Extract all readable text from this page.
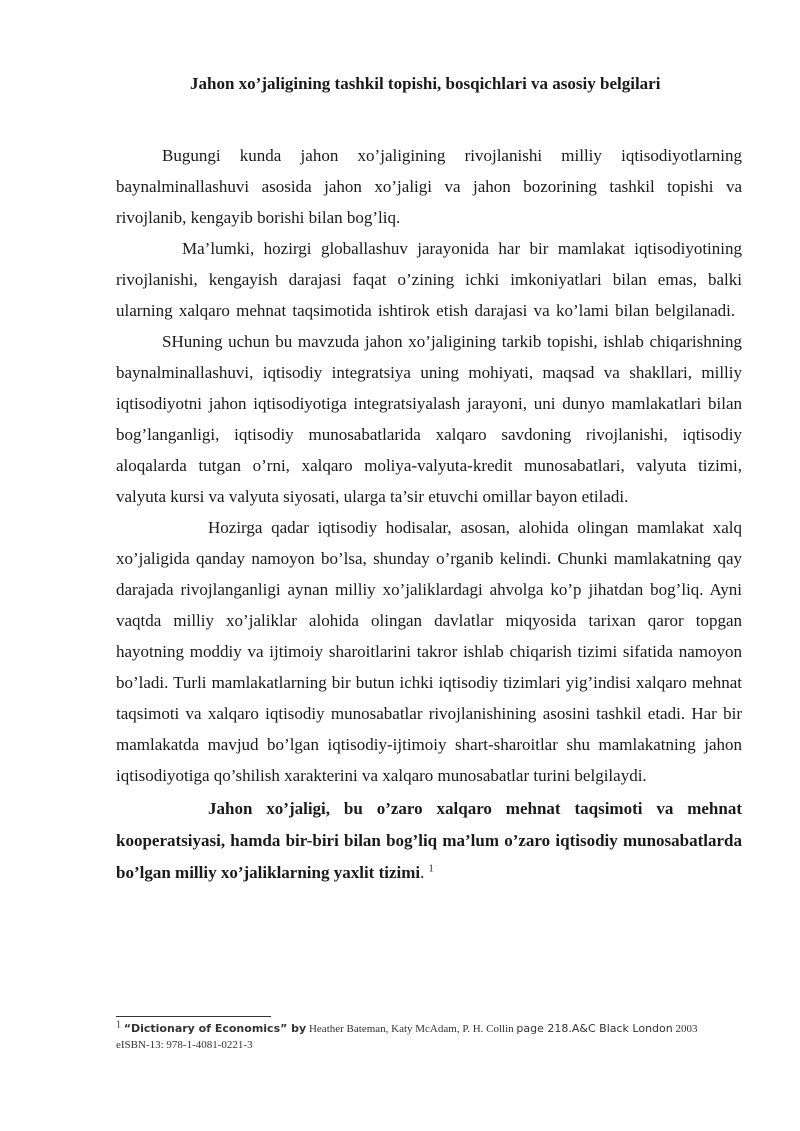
Jahon xo’jaligining tashkil topishi, bosqichlari va asosiy belgilari

Bugungi kunda jahon xo’jaligining rivojlanishi milliy iqtisodiyotlarning baynalminallashuvi asosida jahon xo’jaligi va jahon bozorining tashkil topishi va rivojlanib, kengayib borishi bilan bog’liq.

Ma’lumki, hozirgi globallashuv jarayonida har bir mamlakat iqtisodiyotining rivojlanishi, kengayish darajasi faqat o’zining ichki imkoniyatlari bilan emas, balki ularning xalqaro mehnat taqsimotida ishtirok etish darajasi va ko’lami bilan belgilanadi.

SHuning uchun bu mavzuda jahon xo’jaligining tarkib topishi, ishlab chiqarishning baynalminallashuvi, iqtisodiy integratsiya uning mohiyati, maqsad va shakllari, milliy iqtisodiyotni jahon iqtisodiyotiga integratsiyalash jarayoni, uni dunyo mamlakatlari bilan bog’langanligi, iqtisodiy munosabatlarida xalqaro savdoning rivojlanishi, iqtisodiy aloqalarda tutgan o’rni, xalqaro moliya-valyuta-kredit munosabatlari, valyuta tizimi, valyuta kursi va valyuta siyosati, ularga ta’sir etuvchi omillar bayon etiladi.

Hozirga qadar iqtisodiy hodisalar, asosan, alohida olingan mamlakat xalq xo’jaligida qanday namoyon bo’lsa, shunday o’rganib kelindi. Chunki mamlakatning qay darajada rivojlanganligi aynan milliy xo’jaliklardagi ahvolga ko’p jihatdan bog’liq. Ayni vaqtda milliy xo’jaliklar alohida olingan davlatlar miqyosida tarixan qaror topgan hayotning moddiy va ijtimoiy sharoitlarini takror ishlab chiqarish tizimi sifatida namoyon bo’ladi. Turli mamlakatlarning bir butun ichki iqtisodiy tizimlari yig’indisi xalqaro mehnat taqsimoti va xalqaro iqtisodiy munosabatlar rivojlanishining asosini tashkil etadi. Har bir mamlakatda mavjud bo’lgan iqtisodiy-ijtimoiy shart-sharoitlar shu mamlakatning jahon iqtisodiyotiga qo’shilish xarakterini va xalqaro munosabatlar turini belgilaydi.

Jahon xo’jaligi, bu o’zaro xalqaro mehnat taqsimoti va mehnat kooperatsiyasi, hamda bir-biri bilan bog’liq ma’lum o’zaro iqtisodiy munosabatlarda bo’lgan milliy xo’jaliklarning yaxlit tizimi. $^1$

1 “Dictionary of Economics” by Heather Bateman, Katy McAdam, P. H. Collin page 218.A&C Black London 2003
eISBN-13: 978-1-4081-0221-3
